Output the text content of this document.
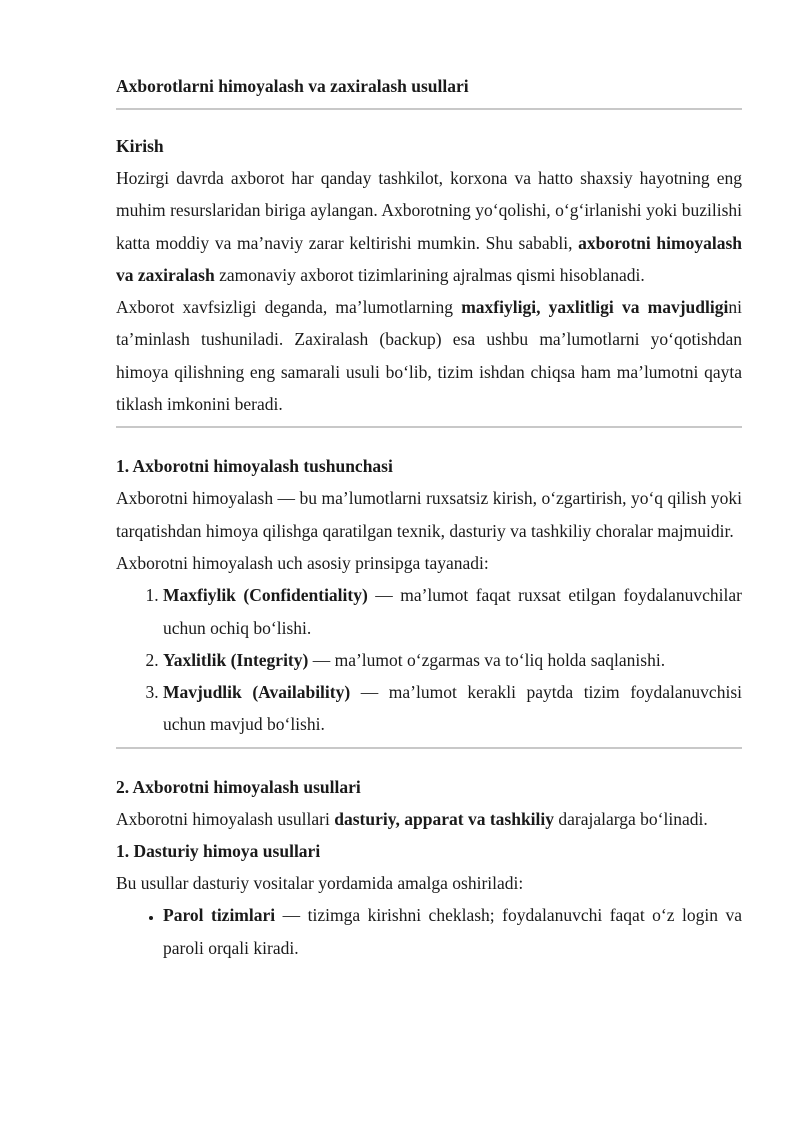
Axborotlarni himoyalash va zaxiralash usullari
Kirish

Hozirgi davrda axborot har qanday tashkilot, korxona va hatto shaxsiy hayotning eng muhim resurslaridan biriga aylangan. Axborotning yo‘qolishi, o‘g‘irlanishi yoki buzilishi katta moddiy va ma’naviy zarar keltirishi mumkin. Shu sababli, axborotni himoyalash va zaxiralash zamonaviy axborot tizimlarining ajralmas qismi hisoblanadi.

Axborot xavfsizligi deganda, ma’lumotlarning maxfiyligi, yaxlitligi va mavjudligini ta’minlash tushuniladi. Zaxiralash (backup) esa ushbu ma’lumotlarni yo‘qotishdan himoya qilishning eng samarali usuli bo‘lib, tizim ishdan chiqsa ham ma’lumotni qayta tiklash imkonini beradi.

1. Axborotni himoyalash tushunchasi

Axborotni himoyalash — bu ma’lumotlarni ruxsatsiz kirish, o‘zgartirish, yo‘q qilish yoki tarqatishdan himoya qilishga qaratilgan texnik, dasturiy va tashkiliy choralar majmuidir.

Axborotni himoyalash uch asosiy prinsipga tayanadi:

1. Maxfiylik (Confidentiality) — ma’lumot faqat ruxsat etilgan foydalanuvchilar uchun ochiq bo‘lishi.
2. Yaxlitlik (Integrity) — ma’lumot o‘zgarmas va to‘liq holda saqlanishi.
3. Mavjudlik (Availability) — ma’lumot kerakli paytda tizim foydalanuvchisi uchun mavjud bo‘lishi.
2. Axborotni himoyalash usullari

Axborotni himoyalash usullari dasturiy, apparat va tashkiliy darajalarga bo‘linadi.

1. Dasturiy himoya usullari

Bu usullar dasturiy vositalar yordamida amalga oshiriladi:

• Parol tizimlari — tizimga kirishni cheklash; foydalanuvchi faqat o‘z login va paroli orqali kiradi.
